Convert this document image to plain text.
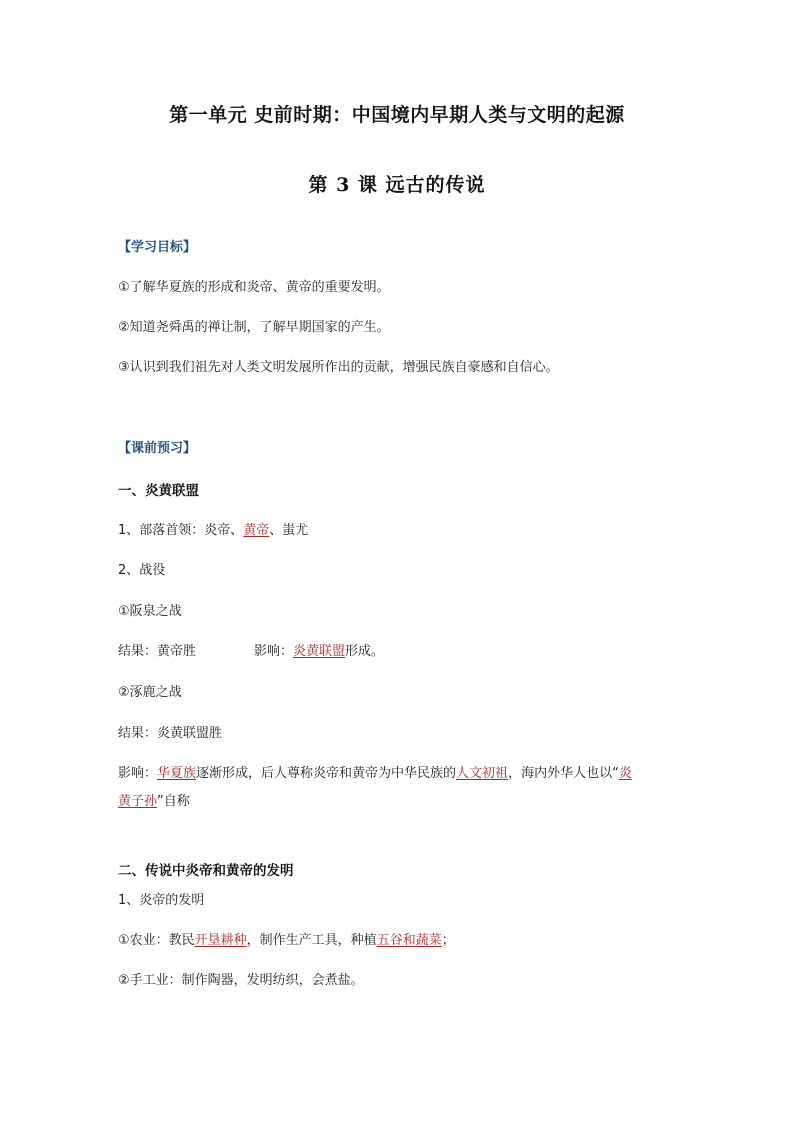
第一单元 史前时期：中国境内早期人类与文明的起源
第 3 课 远古的传说
【学习目标】
①了解华夏族的形成和炎帝、黄帝的重要发明。
②知道尧舜禹的禅让制，了解早期国家的产生。
③认识到我们祖先对人类文明发展所作出的贡献，增强民族自豪感和自信心。
【课前预习】
一、炎黄联盟
1、部落首领：炎帝、黄帝、蚩尤
2、战役
①阪泉之战
结果：黄帝胜	影响：炎黄联盟形成。
②涿鹿之战
结果：炎黄联盟胜
影响：华夏族逐渐形成，后人尊称炎帝和黄帝为中华民族的人文初祖，海内外华人也以“炎
黄子孙”自称
二、传说中炎帝和黄帝的发明
1、炎帝的发明
①农业：教民开垦耕种，制作生产工具，种植五谷和蔬菜；
②手工业：制作陶器，发明纺织，会煮盐。
